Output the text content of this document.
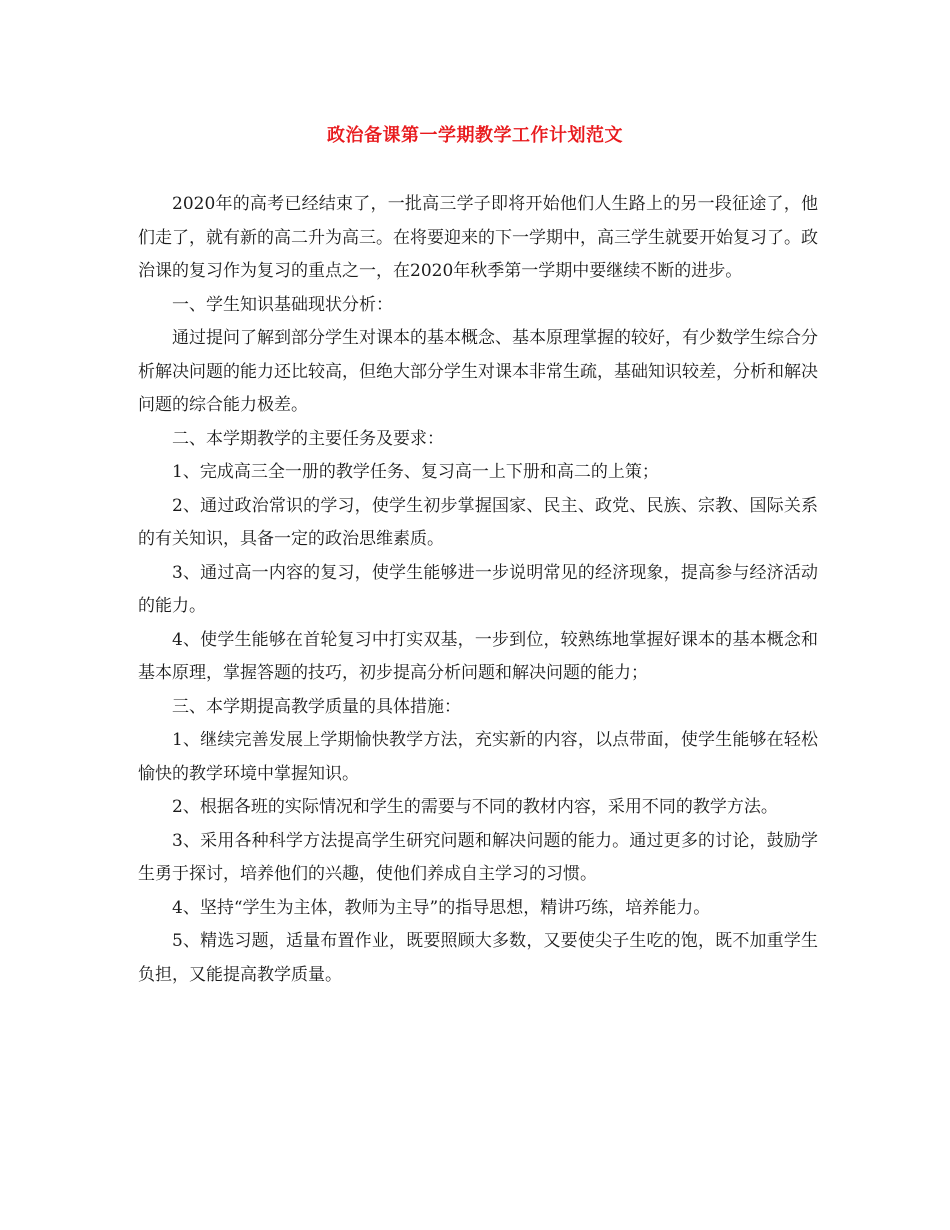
政治备课第一学期教学工作计划范文

2020年的高考已经结束了，一批高三学子即将开始他们人生路上的另一段征途了，他们走了，就有新的高二升为高三。在将要迎来的下一学期中，高三学生就要开始复习了。政治课的复习作为复习的重点之一，在2020年秋季第一学期中要继续不断的进步。

一、学生知识基础现状分析：

通过提问了解到部分学生对课本的基本概念、基本原理掌握的较好，有少数学生综合分析解决问题的能力还比较高，但绝大部分学生对课本非常生疏，基础知识较差，分析和解决问题的综合能力极差。

二、本学期教学的主要任务及要求：

1、完成高三全一册的教学任务、复习高一上下册和高二的上策；

2、通过政治常识的学习，使学生初步掌握国家、民主、政党、民族、宗教、国际关系的有关知识，具备一定的政治思维素质。

3、通过高一内容的复习，使学生能够进一步说明常见的经济现象，提高参与经济活动的能力。

4、使学生能够在首轮复习中打实双基，一步到位，较熟练地掌握好课本的基本概念和基本原理，掌握答题的技巧，初步提高分析问题和解决问题的能力；

三、本学期提高教学质量的具体措施：

1、继续完善发展上学期愉快教学方法，充实新的内容，以点带面，使学生能够在轻松愉快的教学环境中掌握知识。

2、根据各班的实际情况和学生的需要与不同的教材内容，采用不同的教学方法。

3、采用各种科学方法提高学生研究问题和解决问题的能力。通过更多的讨论，鼓励学生勇于探讨，培养他们的兴趣，使他们养成自主学习的习惯。

4、坚持“学生为主体，教师为主导”的指导思想，精讲巧练，培养能力。

5、精选习题，适量布置作业，既要照顾大多数，又要使尖子生吃的饱，既不加重学生负担，又能提高教学质量。
